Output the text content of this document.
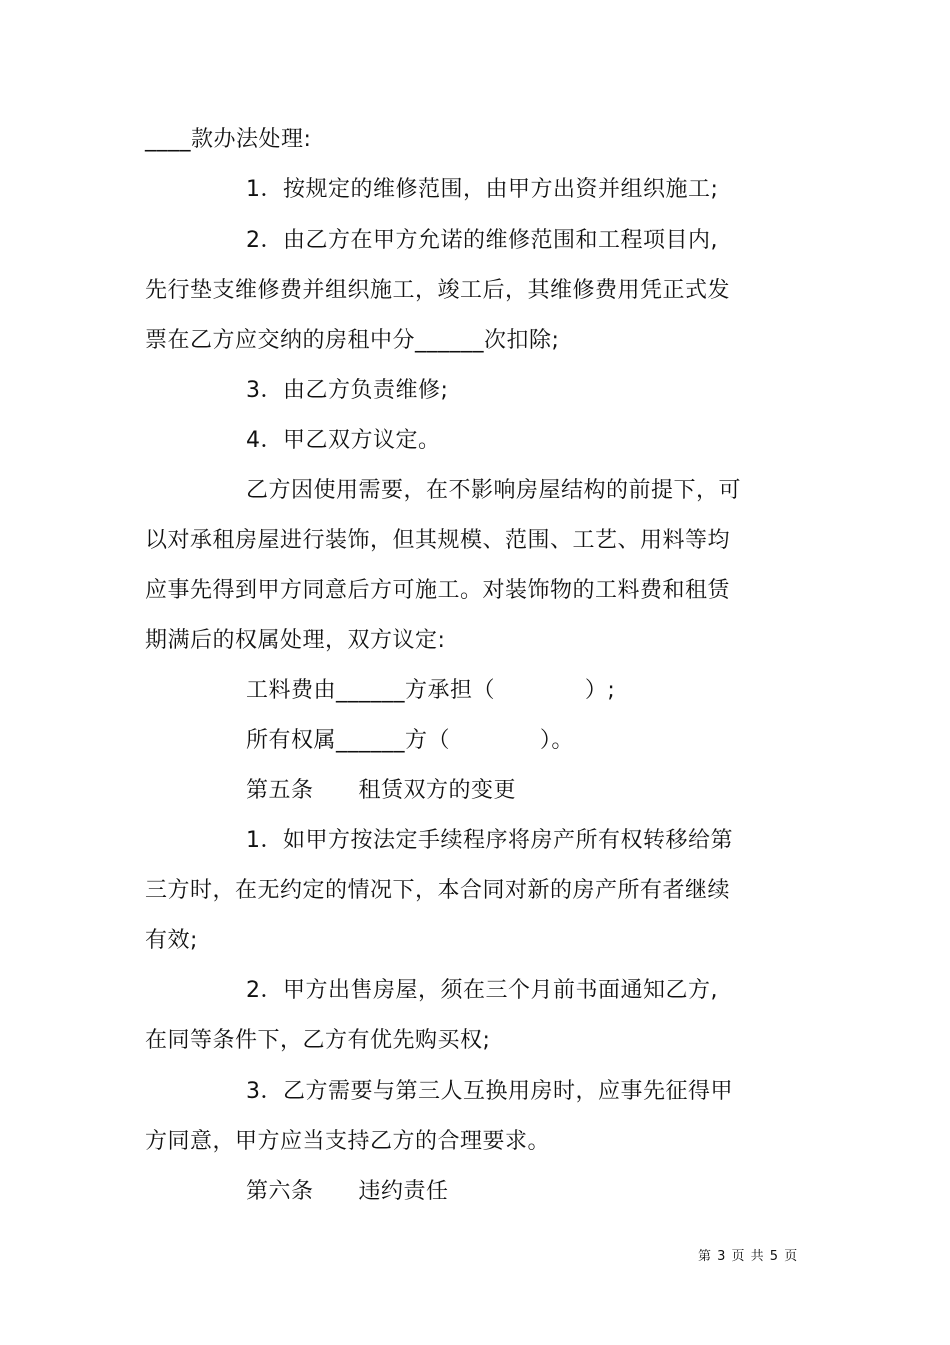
____款办法处理:
1．按规定的维修范围，由甲方出资并组织施工;
2．由乙方在甲方允诺的维修范围和工程项目内,
先行垫支维修费并组织施工，竣工后，其维修费用凭正式发
票在乙方应交纳的房租中分______次扣除;
3．由乙方负责维修;
4．甲乙双方议定。
乙方因使用需要，在不影响房屋结构的前提下，可
以对承租房屋进行装饰，但其规模、范围、工艺、用料等均
应事先得到甲方同意后方可施工。对装饰物的工料费和租赁
期满后的权属处理，双方议定:
工料费由______方承担（            ）;
所有权属______方（            ）。
第五条      租赁双方的变更
1．如甲方按法定手续程序将房产所有权转移给第
三方时，在无约定的情况下，本合同对新的房产所有者继续
有效;
2．甲方出售房屋，须在三个月前书面通知乙方,
在同等条件下，乙方有优先购买权;
3．乙方需要与第三人互换用房时，应事先征得甲
方同意，甲方应当支持乙方的合理要求。
第六条      违约责任
第 3 页 共 5 页
